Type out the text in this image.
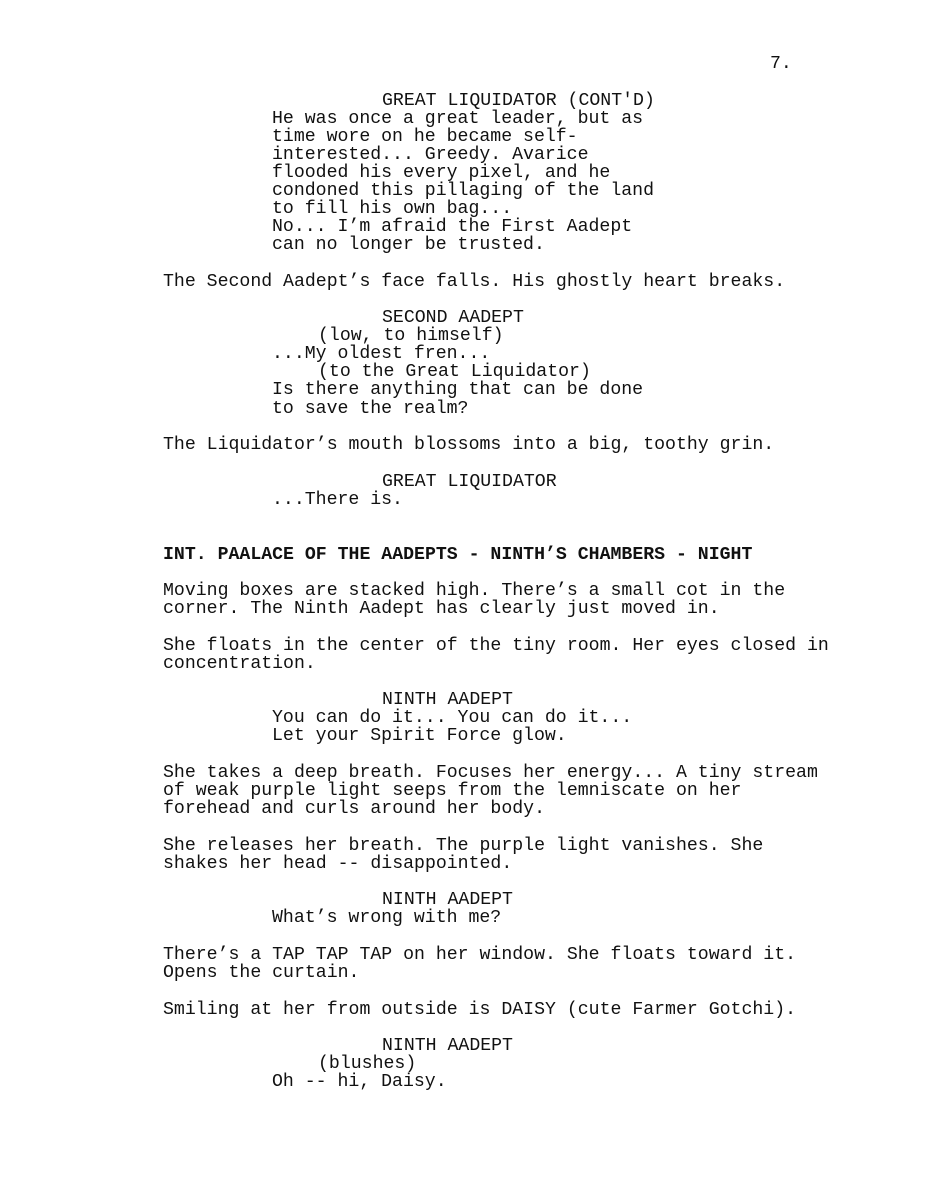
7.
GREAT LIQUIDATOR (CONT'D)
He was once a great leader, but as
time wore on he became self-
interested... Greedy. Avarice
flooded his every pixel, and he
condoned this pillaging of the land
to fill his own bag...
No... I’m afraid the First Aadept
can no longer be trusted.
The Second Aadept’s face falls. His ghostly heart breaks.
SECOND AADEPT
(low, to himself)
...My oldest fren...
(to the Great Liquidator)
Is there anything that can be done
to save the realm?
The Liquidator’s mouth blossoms into a big, toothy grin.
GREAT LIQUIDATOR
...There is.
INT. PAALACE OF THE AADEPTS - NINTH’S CHAMBERS - NIGHT
Moving boxes are stacked high. There’s a small cot in the
corner. The Ninth Aadept has clearly just moved in.
She floats in the center of the tiny room. Her eyes closed in
concentration.
NINTH AADEPT
You can do it... You can do it...
Let your Spirit Force glow.
She takes a deep breath. Focuses her energy... A tiny stream
of weak purple light seeps from the lemniscate on her
forehead and curls around her body.
She releases her breath. The purple light vanishes. She
shakes her head -- disappointed.
NINTH AADEPT
What’s wrong with me?
There’s a TAP TAP TAP on her window. She floats toward it.
Opens the curtain.
Smiling at her from outside is DAISY (cute Farmer Gotchi).
NINTH AADEPT
(blushes)
Oh -- hi, Daisy.
